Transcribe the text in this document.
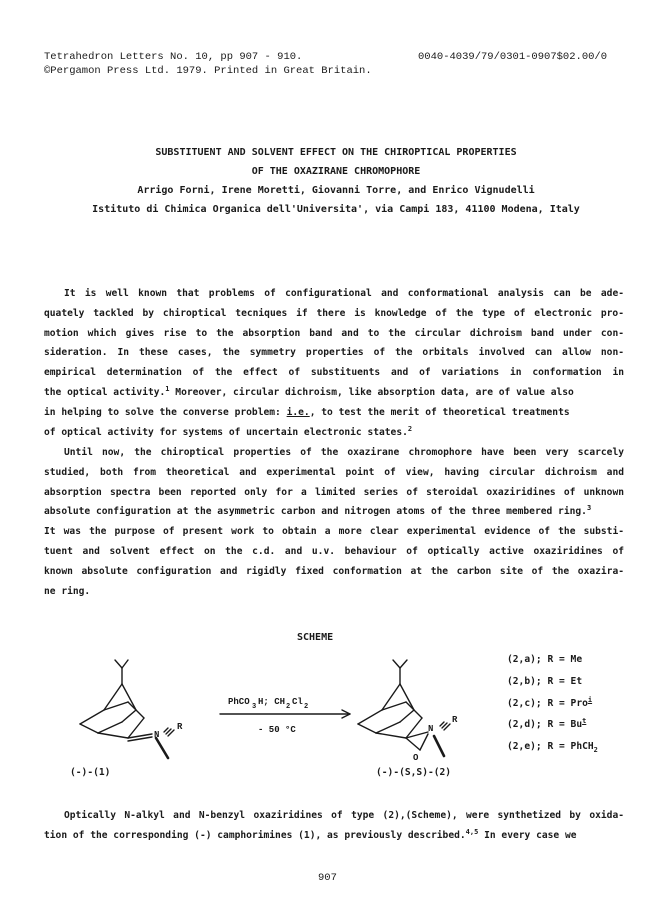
Tetrahedron Letters No. 10, pp 907 - 910.
©Pergamon Press Ltd. 1979. Printed in Great Britain.
0040-4039/79/0301-0907$02.00/0
SUBSTITUENT AND SOLVENT EFFECT ON THE CHIROPTICAL PROPERTIES
OF THE OXAZIRANE CHROMOPHORE
Arrigo Forni, Irene Moretti, Giovanni Torre, and Enrico Vignudelli
Istituto di Chimica Organica dell'Universita', via Campi 183, 41100 Modena, Italy
It is well known that problems of configurational and conformational analysis can be ade-
quately tackled by chiroptical tecniques if there is knowledge of the type of electronic pro-
motion which gives rise to the absorption band and to the circular dichroism band under con-
sideration. In these cases, the symmetry properties of the orbitals involved can allow non-
empirical determination of the effect of substituents and of variations in conformation in
the optical activity.$^1$ Moreover, circular dichroism, like absorption data, are of value also
in helping to solve the converse problem: i.e., to test the merit of theoretical treatments
of optical activity for systems of uncertain electronic states.$^2$
Until now, the chiroptical properties of the oxazirane chromophore have been very scarcely
studied, both from theoretical and experimental point of view, having circular dichroism and
absorption spectra been reported only for a limited series of steroidal oxaziridines of unknown
absolute configuration at the asymmetric carbon and nitrogen atoms of the three membered ring.$^3$
It was the purpose of present work to obtain a more clear experimental evidence of the substi-
tuent and solvent effect on the c.d. and u.v. behaviour of optically active oxaziridines of
known absolute configuration and rigidly fixed conformation at the carbon site of the oxazira-
ne ring.
SCHEME
N
R
PhCO 3 H; CH 2 Cl 2
- 50 °C	N
O
R
(2,a); R = Me
(2,b); R = Et
(2,c); R = Pro$^i$
(2,d); $R = Bu^t$
(2,e); R = PhCH$_2$
(-)-(1)	(-)-(S,S)-(2)
Optically N-alkyl and N-benzyl oxaziridines of type (2),(Scheme), were synthetized by oxida-
tion of the corresponding (-) camphorimines (1), as previously described.$^{4,5}$ In every case we
907
